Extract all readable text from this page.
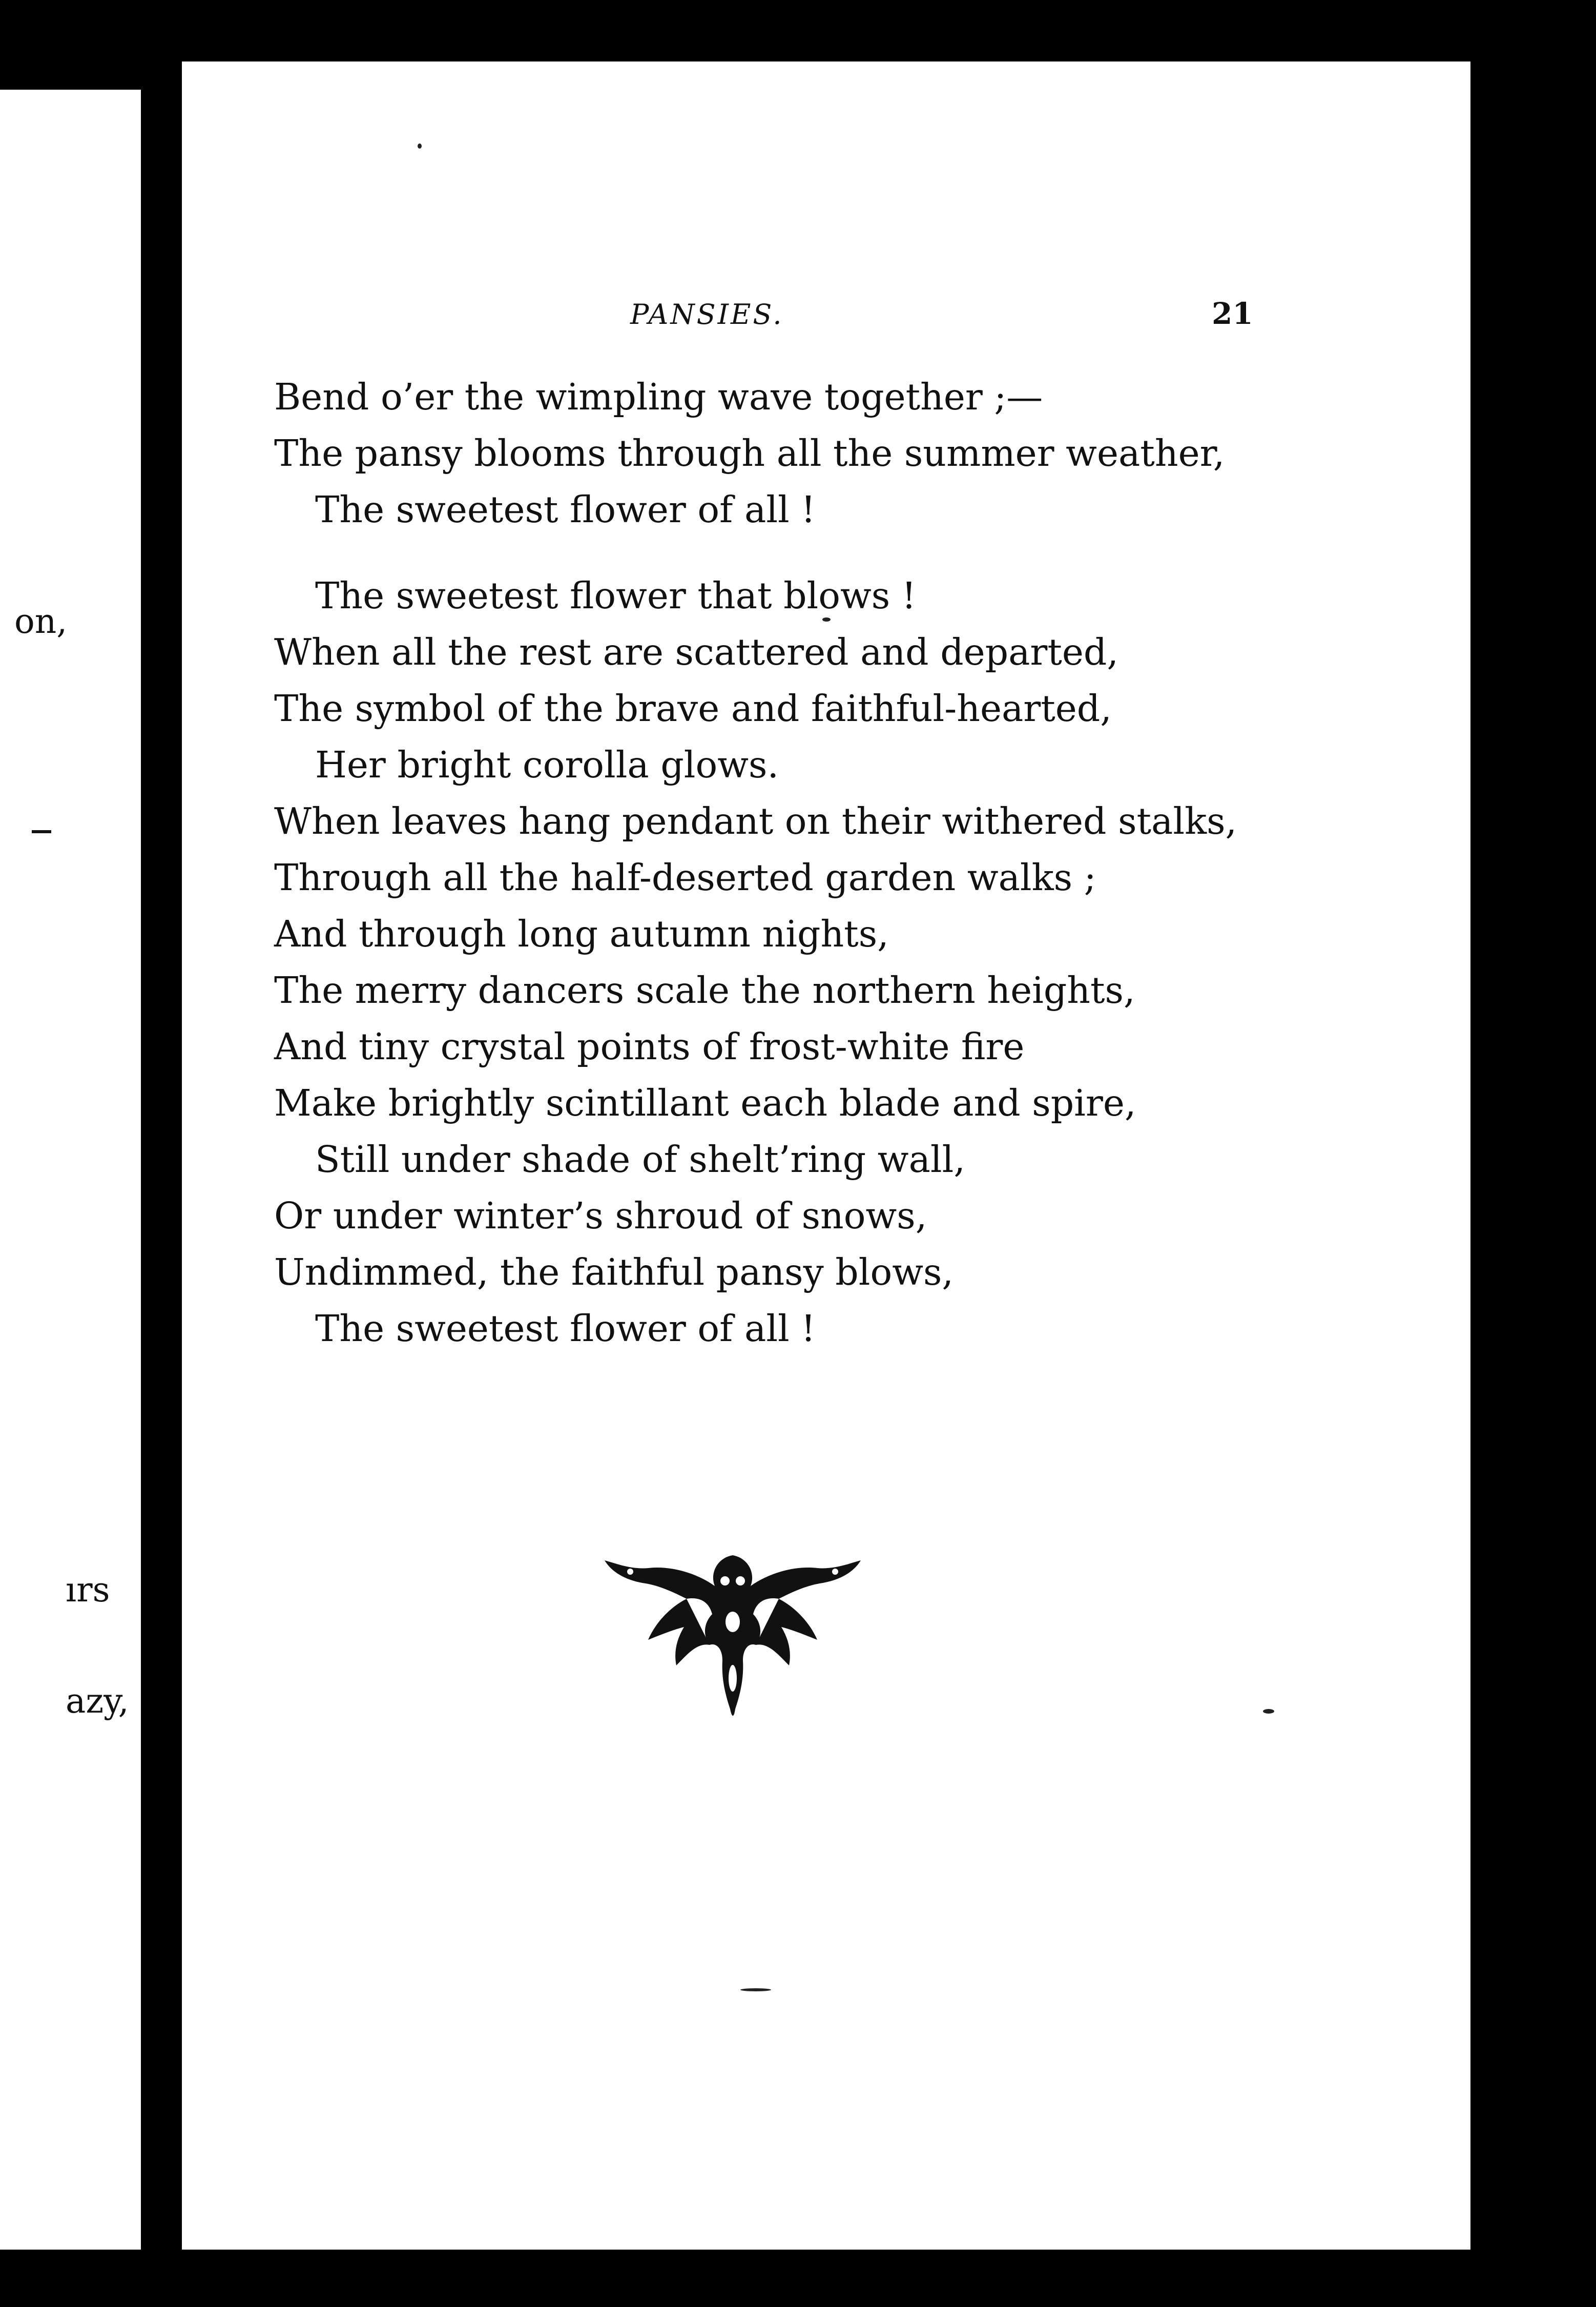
on,
ırs
azy,
PANSIES.	21
Bend o’er the wimpling wave together ;—
The pansy blooms through all the summer weather,
The sweetest flower of all !
The sweetest flower that blows !
When all the rest are scattered and departed,
The symbol of the brave and faithful-hearted,
Her bright corolla glows.
When leaves hang pendant on their withered stalks,
Through all the half-deserted garden walks ;
And through long autumn nights,
The merry dancers scale the northern heights,
And tiny crystal points of frost-white fire
Make brightly scintillant each blade and spire,
Still under shade of shelt’ring wall,
Or under winter’s shroud of snows,
Undimmed, the faithful pansy blows,
The sweetest flower of all !
